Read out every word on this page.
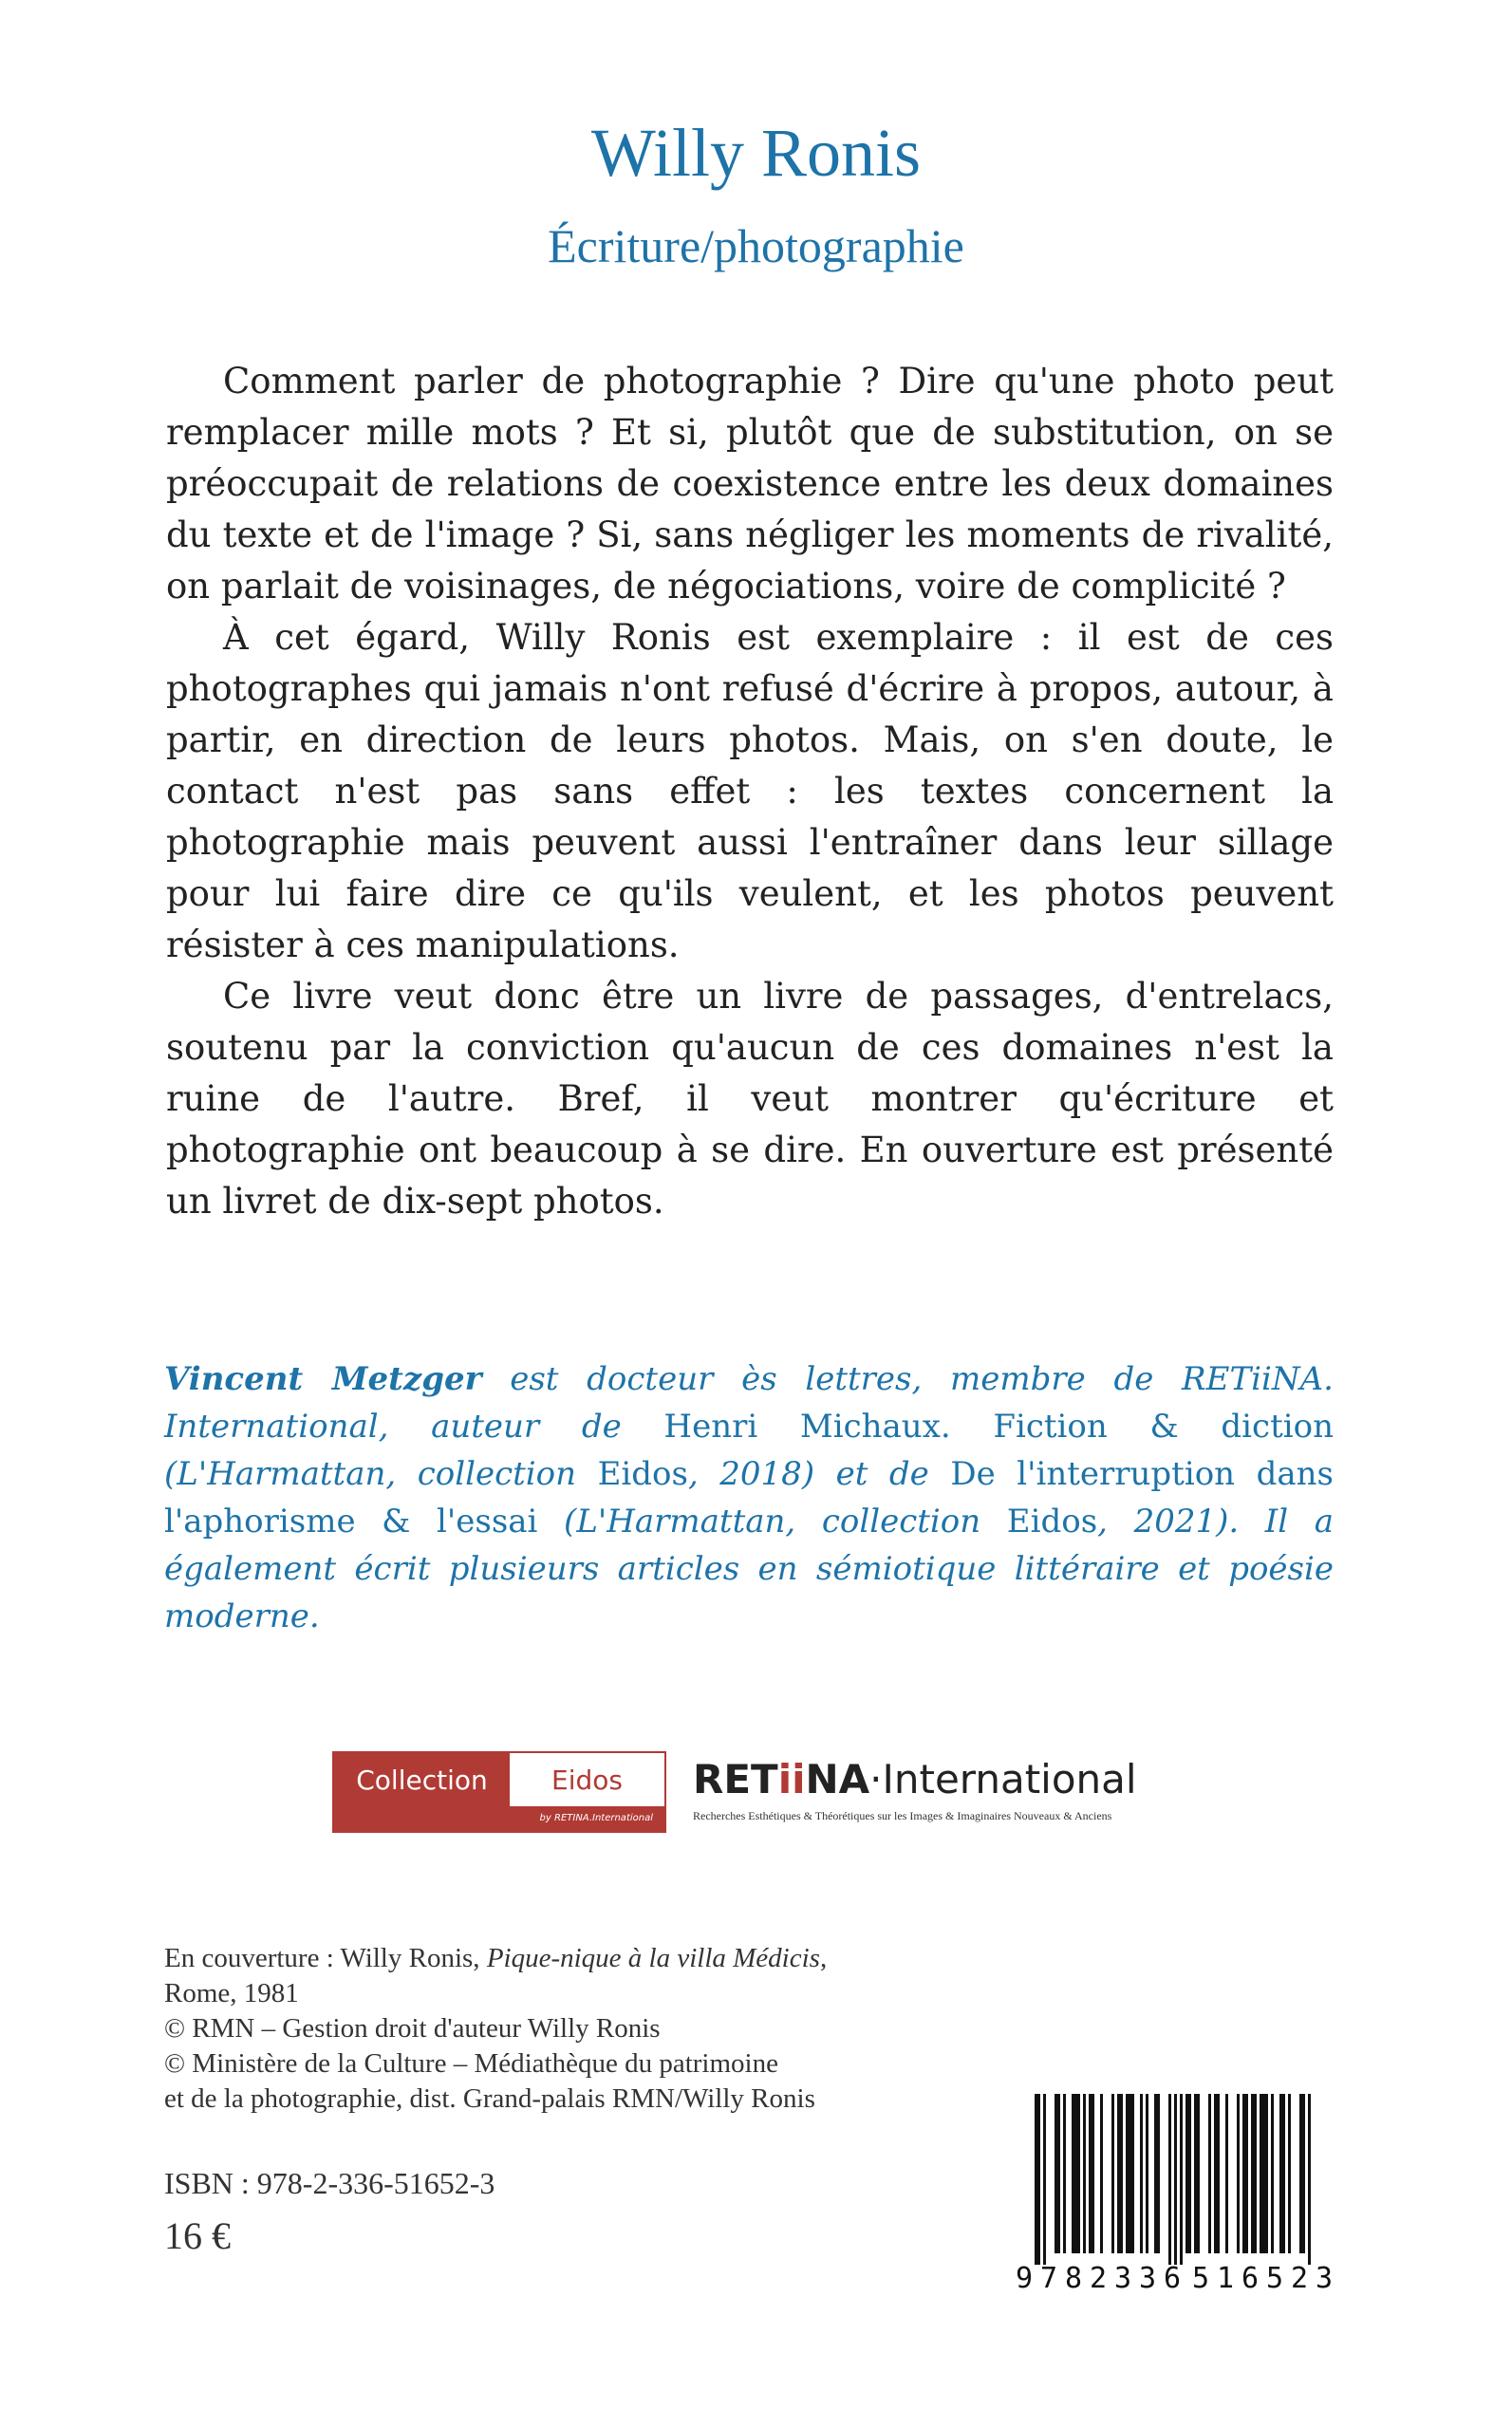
Willy Ronis
Écriture/photographie

Comment parler de photographie ? Dire qu'une photo peut remplacer mille mots ? Et si, plutôt que de substitution, on se préoccupait de relations de coexistence entre les deux domaines du texte et de l'image ? Si, sans négliger les moments de rivalité, on parlait de voisinages, de négociations, voire de complicité ?

À cet égard, Willy Ronis est exemplaire : il est de ces photographes qui jamais n'ont refusé d'écrire à propos, autour, à partir, en direction de leurs photos. Mais, on s'en doute, le contact n'est pas sans effet : les textes concernent la photographie mais peuvent aussi l'entraîner dans leur sillage pour lui faire dire ce qu'ils veulent, et les photos peuvent résister à ces manipulations.

Ce livre veut donc être un livre de passages, d'entrelacs, soutenu par la conviction qu'aucun de ces domaines n'est la ruine de l'autre. Bref, il veut montrer qu'écriture et photographie ont beaucoup à se dire. En ouverture est présenté un livret de dix-sept photos.

Vincent Metzger est docteur ès lettres, membre de RETiiNA. International, auteur de Henri Michaux. Fiction & diction (L'Harmattan, collection Eidos, 2018) et de De l'interruption dans l'aphorisme & l'essai (L'Harmattan, collection Eidos, 2021). Il a également écrit plusieurs articles en sémiotique littéraire et poésie moderne.

Collection	Eidos
by RETINA.International
RETiiNA·International
Recherches Esthétiques & Théorétiques sur les Images & Imaginaires Nouveaux & Anciens
En couverture : Willy Ronis, Pique-nique à la villa Médicis,
Rome, 1981
© RMN – Gestion droit d'auteur Willy Ronis
© Ministère de la Culture – Médiathèque du patrimoine
et de la photographie, dist. Grand-palais RMN/Willy Ronis
ISBN : 978-2-336-51652-3
16 €
9 782336 516523
